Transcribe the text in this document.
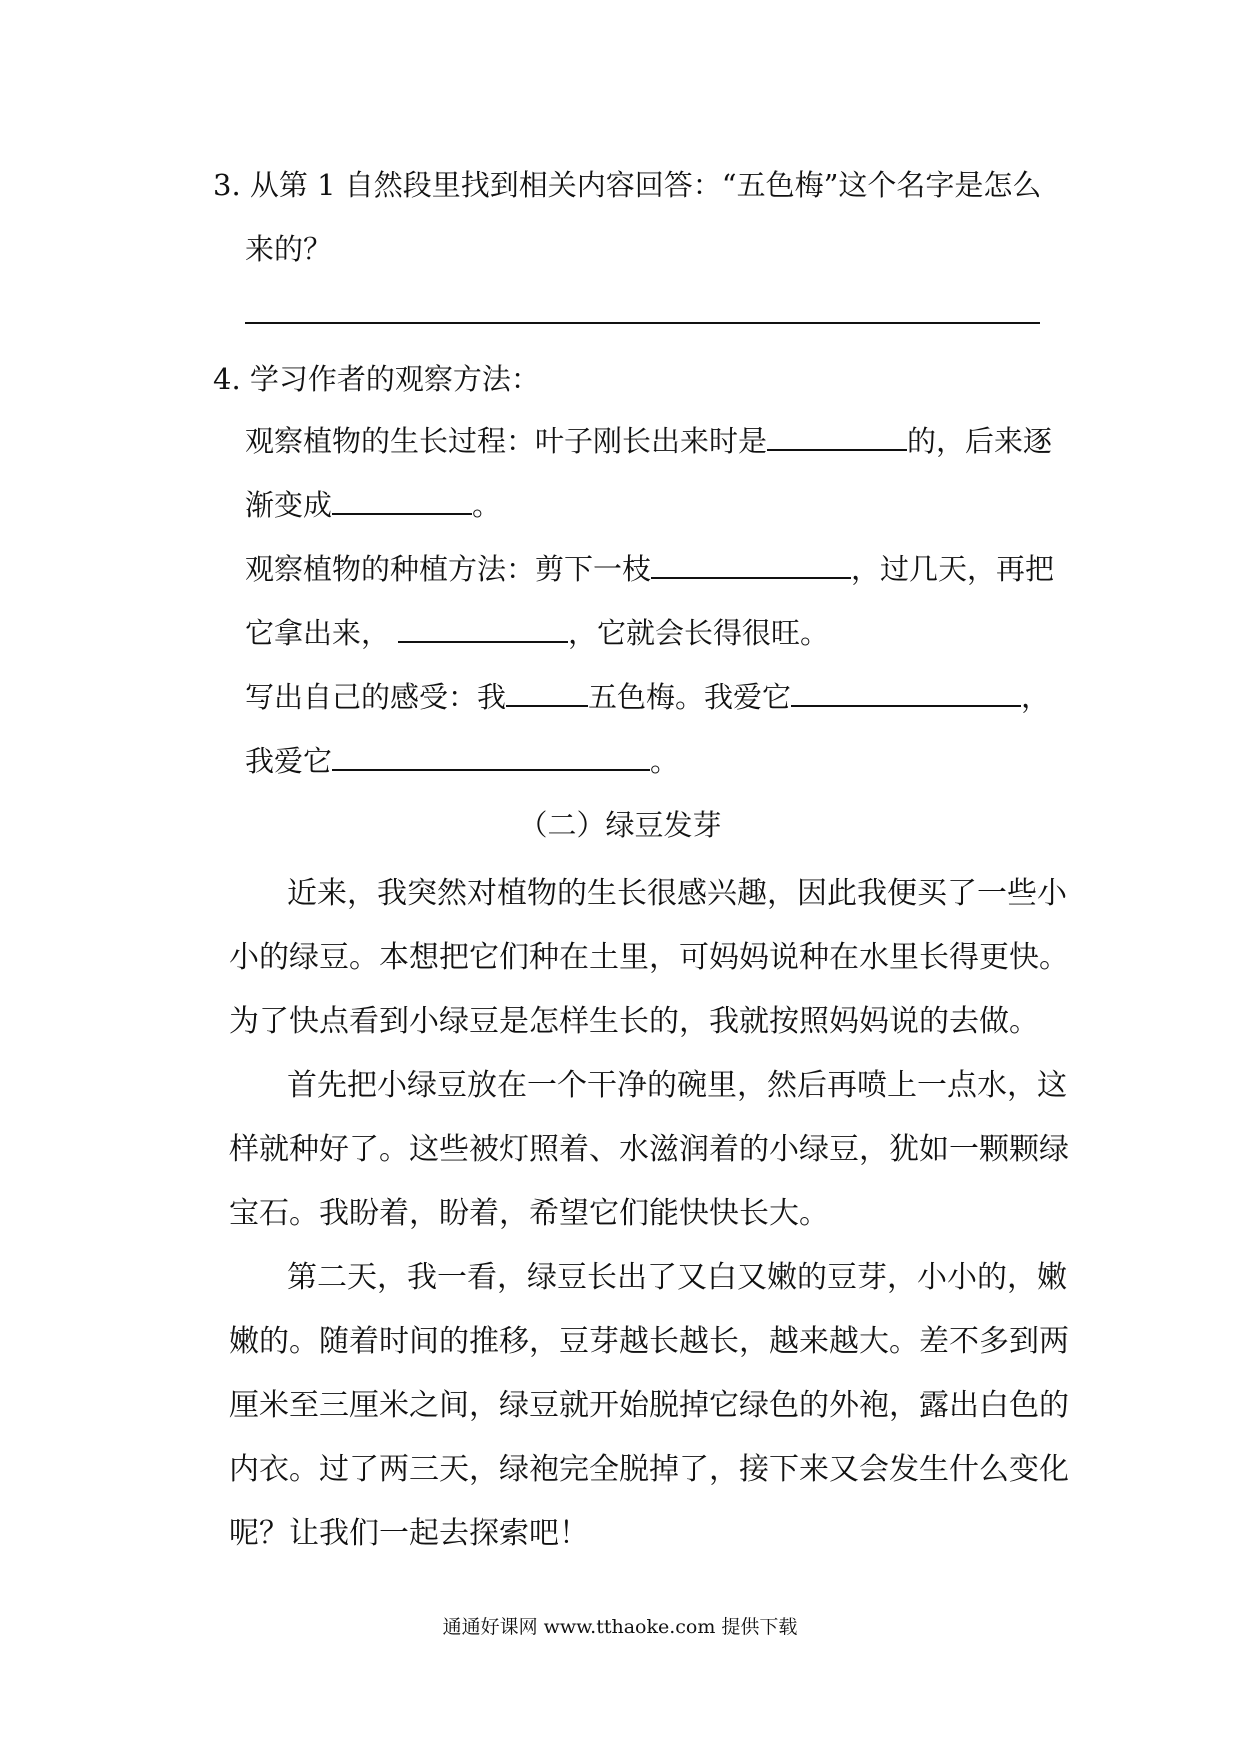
3. 从第 1 自然段里找到相关内容回答：“五色梅”这个名字是怎么
来的？
4. 学习作者的观察方法：
观察植物的生长过程：叶子刚长出来时是	的，后来逐
渐变成	。
观察植物的种植方法：剪下一枝	，过几天，再把
它拿出来，	，它就会长得很旺。
写出自己的感受：我	五色梅。我爱它	，
我爱它	。
（二）绿豆发芽
近来，我突然对植物的生长很感兴趣，因此我便买了一些小
小的绿豆。本想把它们种在土里，可妈妈说种在水里长得更快。
为了快点看到小绿豆是怎样生长的，我就按照妈妈说的去做。
首先把小绿豆放在一个干净的碗里，然后再喷上一点水，这
样就种好了。这些被灯照着、水滋润着的小绿豆，犹如一颗颗绿
宝石。我盼着，盼着，希望它们能快快长大。
第二天，我一看，绿豆长出了又白又嫩的豆芽，小小的，嫩
嫩的。随着时间的推移，豆芽越长越长，越来越大。差不多到两
厘米至三厘米之间，绿豆就开始脱掉它绿色的外袍，露出白色的
内衣。过了两三天，绿袍完全脱掉了，接下来又会发生什么变化
呢？让我们一起去探索吧！
通通好课网 www.tthaoke.com 提供下载
